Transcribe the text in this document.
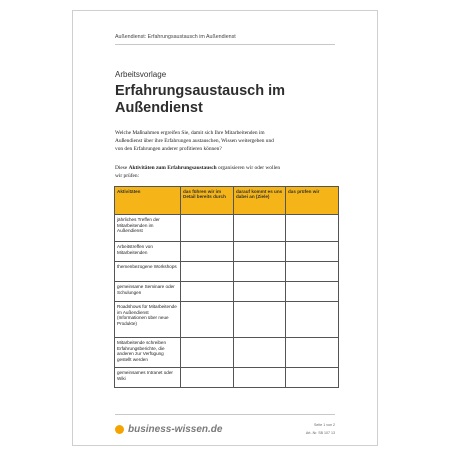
Außendienst: Erfahrungsaustausch im Außendienst
Arbeitsvorlage
Erfahrungsaustausch im Außendienst
Welche Maßnahmen ergreifen Sie, damit sich Ihre Mitarbeitenden im
Außendienst über ihre Erfahrungen austauschen, Wissen weitergeben und
von den Erfahrungen anderer profitieren können?
Diese Aktivitäten zum Erfahrungsaustausch organisieren wir oder wollen
wir prüfen:
Aktivitäten	das führen wir im Detail bereits durch	darauf kommt es uns dabei an (Ziele)	das prüfen wir
jährliches Treffen der Mitarbeitenden im Außendienst			
Arbeitstreffen von Mitarbeitenden			
themenbezogene Workshops			
gemeinsame Seminare oder Schulungen			
Roadshows für Mitarbeitende im Außendienst (Informationen über neue Produkte)			
Mitarbeitende schreiben Erfahrungsberichte, die anderen zur Verfügung gestellt werden			
gemeinsames Intranet oder Wiki			
business-wissen.de	Seite 1 von 2
Art.-Nr. SB 107 13
